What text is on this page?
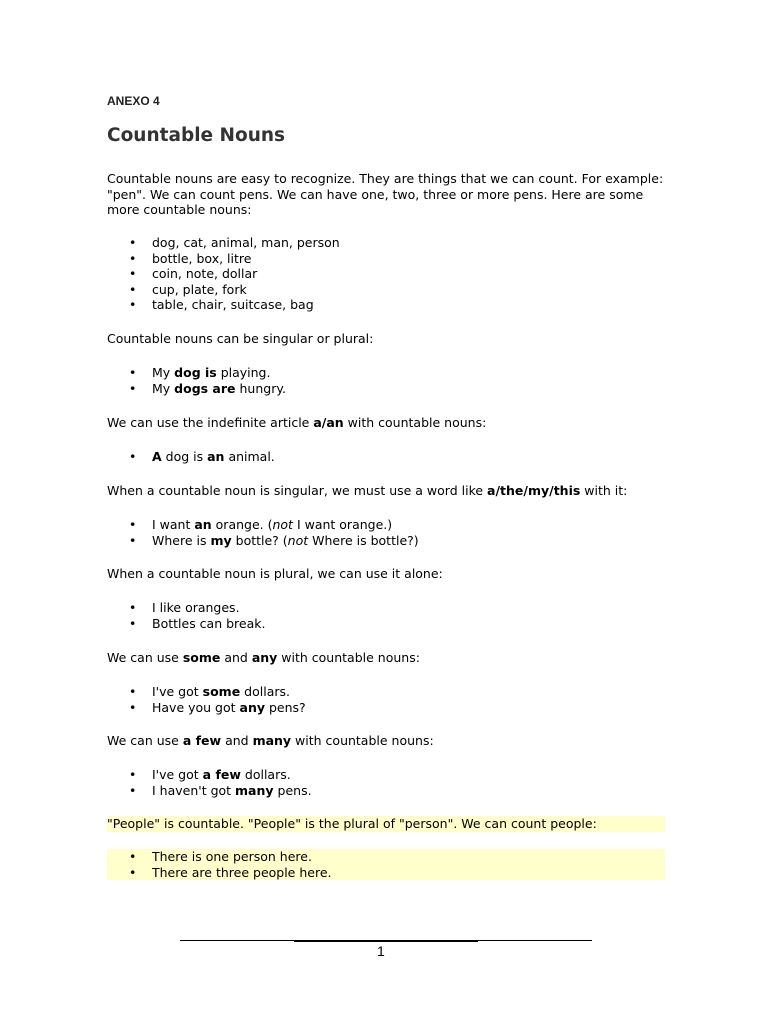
ANEXO 4
Countable Nouns

Countable nouns are easy to recognize. They are things that we can count. For example: "pen". We can count pens. We can have one, two, three or more pens. Here are some more countable nouns:

• dog, cat, animal, man, person
• bottle, box, litre
• coin, note, dollar
• cup, plate, fork
• table, chair, suitcase, bag

Countable nouns can be singular or plural:

• My dog is playing.
• My dogs are hungry.

We can use the indefinite article a/an with countable nouns:

• A dog is an animal.

When a countable noun is singular, we must use a word like a/the/my/this with it:

• I want an orange. (not I want orange.)
• Where is my bottle? (not Where is bottle?)

When a countable noun is plural, we can use it alone:

• I like oranges.
• Bottles can break.

We can use some and any with countable nouns:

• I've got some dollars.
• Have you got any pens?

We can use a few and many with countable nouns:

• I've got a few dollars.
• I haven't got many pens.

"People" is countable. "People" is the plural of "person". We can count people:

• There is one person here.
• There are three people here.
1
